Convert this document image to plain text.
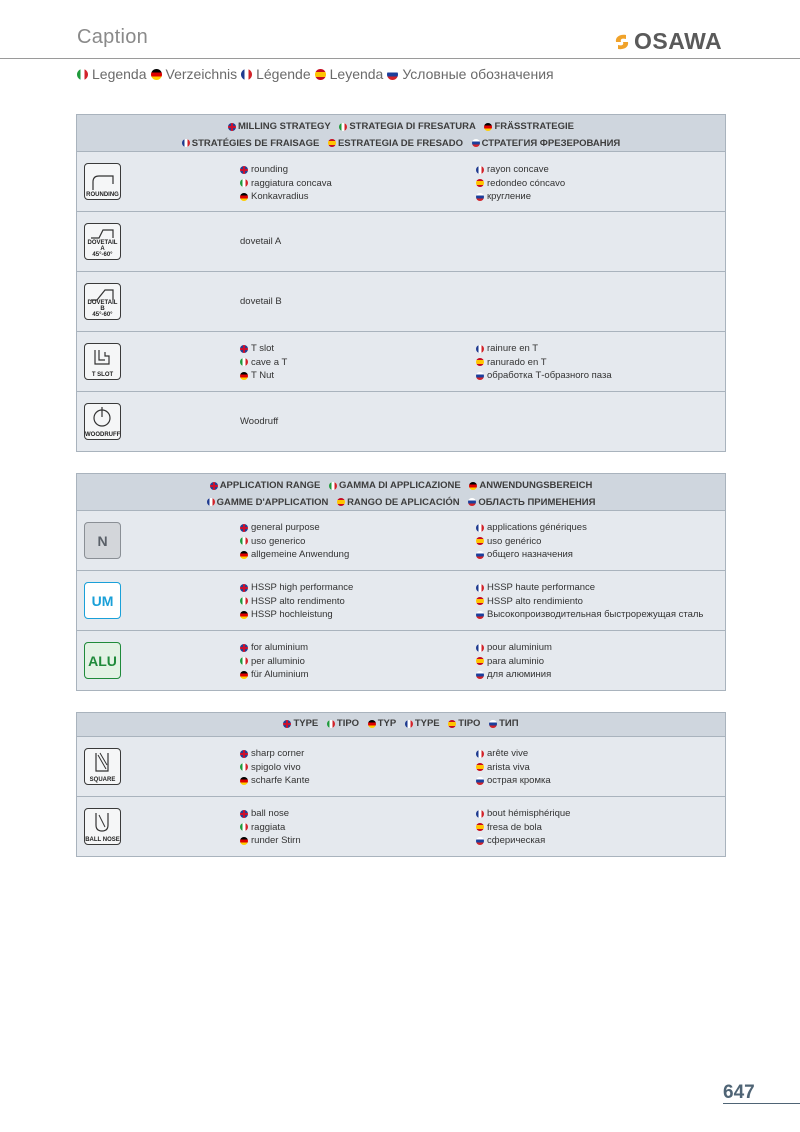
Caption	OSAWA
Legenda Verzeichnis Légende Leyenda Условные обозначения
MILLING STRATEGY
STRATEGIA DI FRESATURA
FRÄSSTRATEGIE
STRATÉGIES DE FRAISAGE
ESTRATEGIA DE FRESADO
СТРАТЕГИЯ ФРЕЗЕРОВАНИЯ
ROUNDING
rounding
raggiatura concava
Konkavradius
rayon concave
redondeo cóncavo
кругление
DOVETAIL A
45°-60°
dovetail A
DOVETAIL B
45°-60°
dovetail B
T SLOT
T slot
cave a T
T Nut
rainure en T
ranurado en T
обработка Т-образного паза
WOODRUFF
Woodruff
APPLICATION RANGE
GAMMA DI APPLICAZIONE
ANWENDUNGSBEREICH
GAMME D'APPLICATION
RANGO DE APLICACIÓN
ОБЛАСТЬ ПРИМЕНЕНИЯ
N
general purpose
uso generico
allgemeine Anwendung
applications génériques
uso genérico
общего назначения
UM
HSSP high performance
HSSP alto rendimento
HSSP hochleistung
HSSP haute performance
HSSP alto rendimiento
Высокопроизводительная быстрорежущая сталь
ALU
for aluminium
per alluminio
für Aluminium
pour aluminium
para aluminio
для алюминия
TYPE
TIPO
TYP
TYPE
TIPO
ТИП
SQUARE
sharp corner
spigolo vivo
scharfe Kante
arête vive
arista viva
острая кромка
BALL NOSE
ball nose
raggiata
runder Stirn
bout hémisphérique
fresa de bola
сферическая
647
